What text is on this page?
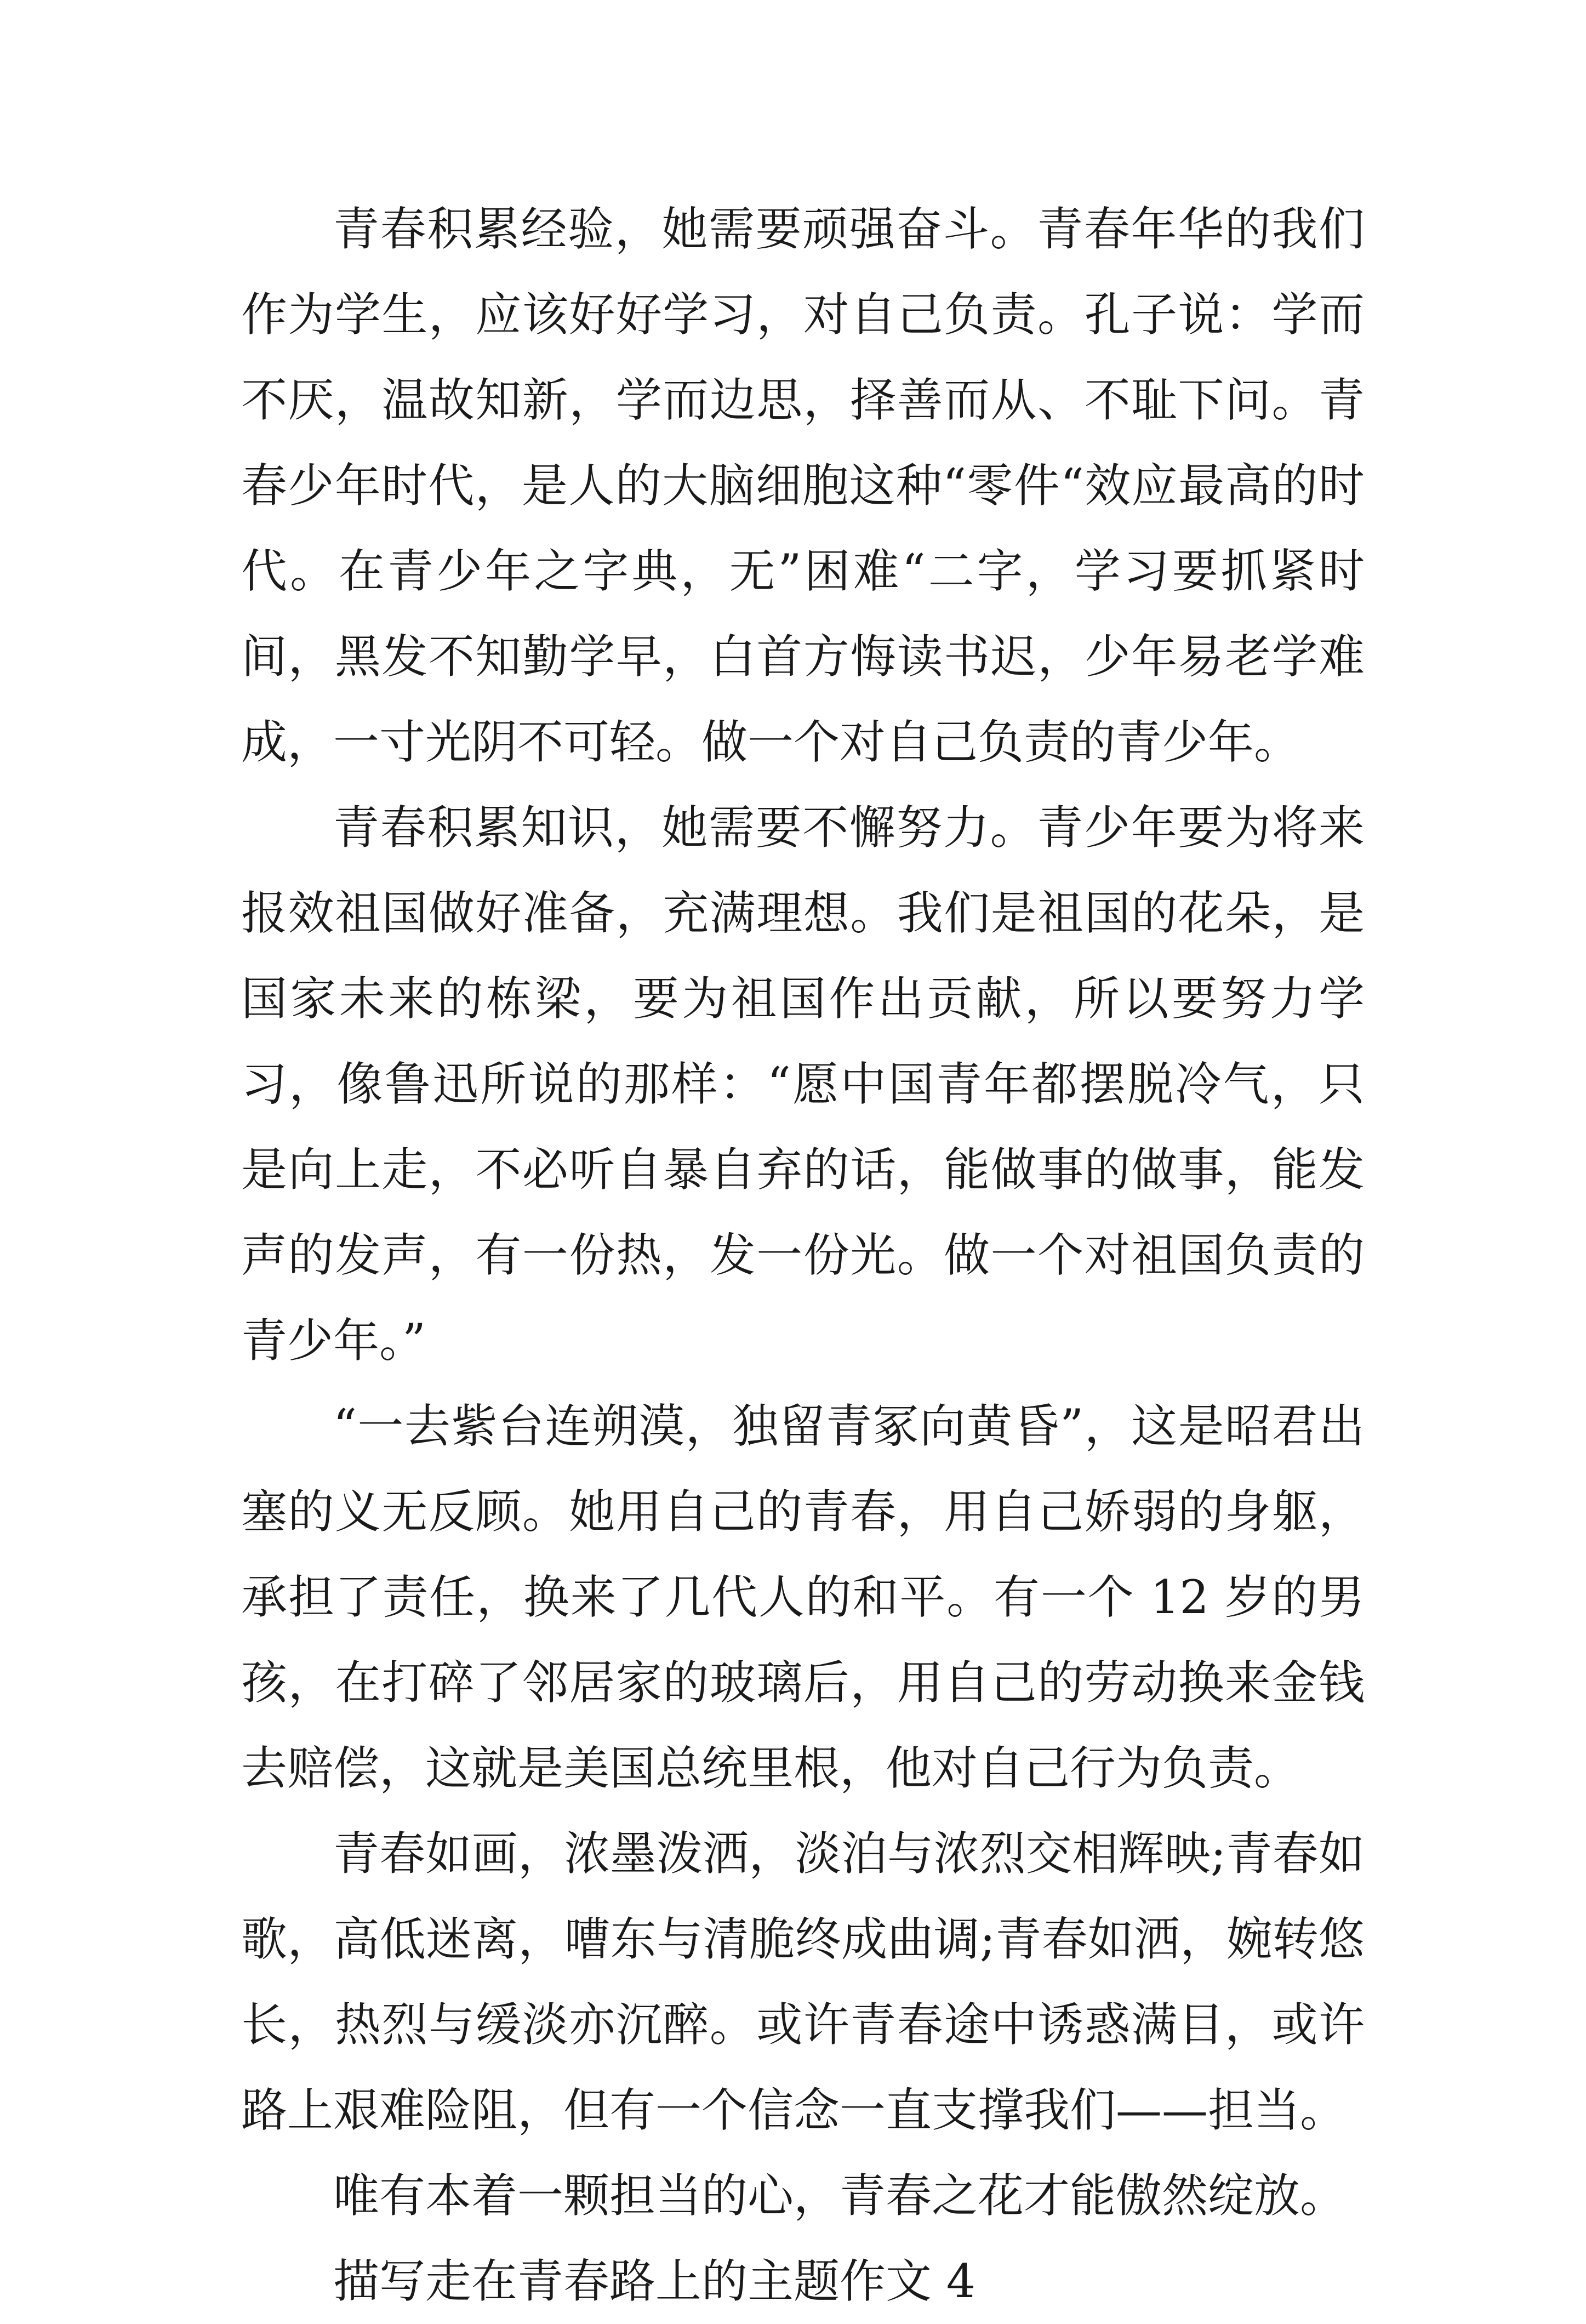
青春积累经验，她需要顽强奋斗。青春年华的我们作为学生，应该好好学习，对自己负责。孔子说：学而不厌，温故知新，学而边思，择善而从、不耻下问。青春少年时代，是人的大脑细胞这种“零件“效应最高的时代。在青少年之字典，无”困难“二字，学习要抓紧时间，黑发不知勤学早，白首方悔读书迟，少年易老学难成，一寸光阴不可轻。做一个对自己负责的青少年。

青春积累知识，她需要不懈努力。青少年要为将来报效祖国做好准备，充满理想。我们是祖国的花朵，是国家未来的栋梁，要为祖国作出贡献，所以要努力学习，像鲁迅所说的那样：“愿中国青年都摆脱冷气，只是向上走，不必听自暴自弃的话，能做事的做事，能发声的发声，有一份热，发一份光。做一个对祖国负责的青少年。”

“一去紫台连朔漠，独留青冢向黄昏”，这是昭君出塞的义无反顾。她用自己的青春，用自己娇弱的身躯，承担了责任，换来了几代人的和平。有一个 12 岁的男孩，在打碎了邻居家的玻璃后，用自己的劳动换来金钱去赔偿，这就是美国总统里根，他对自己行为负责。

青春如画，浓墨泼洒，淡泊与浓烈交相辉映;青春如歌，高低迷离，嘈东与清脆终成曲调;青春如洒，婉转悠长，热烈与缓淡亦沉醉。或许青春途中诱惑满目，或许路上艰难险阻，但有一个信念一直支撑我们——担当。

唯有本着一颗担当的心，青春之花才能傲然绽放。

描写走在青春路上的主题作文 4
